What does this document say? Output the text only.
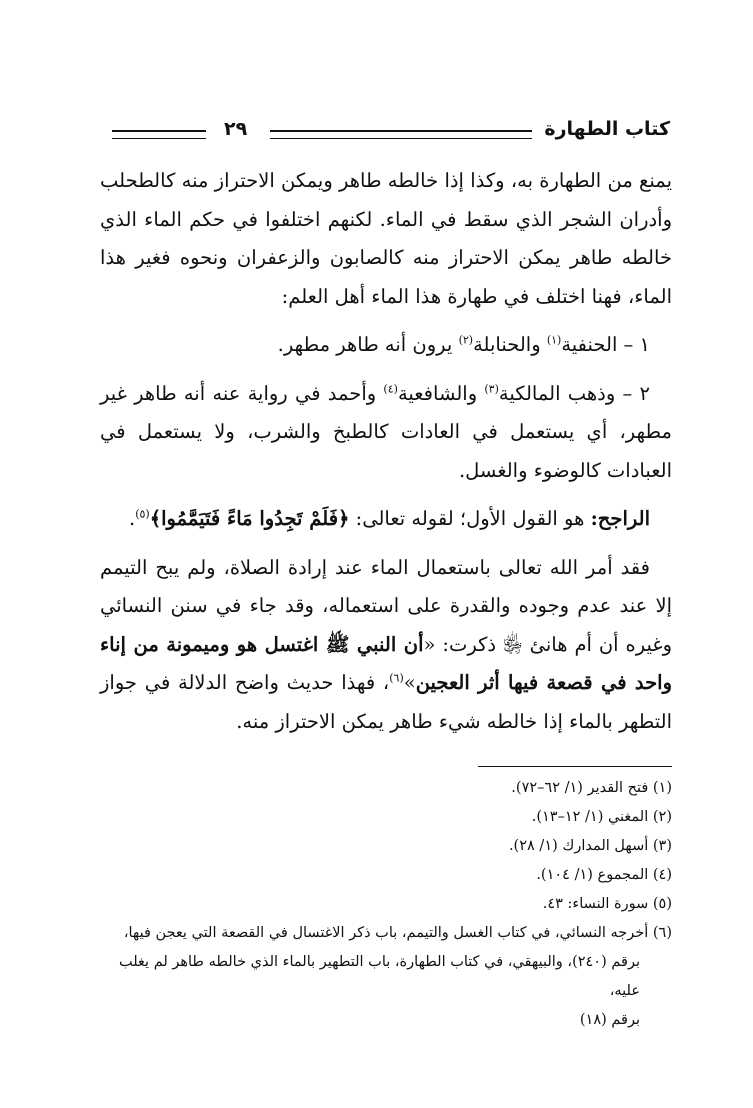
كتاب الطهارة
٢٩

يمنع من الطهارة به، وكذا إذا خالطه طاهر ويمكن الاحتراز منه كالطحلب وأدران الشجر الذي سقط في الماء. لكنهم اختلفوا في حكم الماء الذي خالطه طاهر يمكن الاحتراز منه كالصابون والزعفران ونحوه فغير هذا الماء، فهنا اختلف في طهارة هذا الماء أهل العلم:

١ – الحنفية$^{(١)}$ والحنابلة$^{(٢)}$ يرون أنه طاهر مطهر.

٢ – وذهب المالكية$^{(٣)}$ والشافعية$^{(٤)}$ وأحمد في رواية عنه أنه طاهر غير مطهر، أي يستعمل في العادات كالطبخ والشرب، ولا يستعمل في العبادات كالوضوء والغسل.

الراجح: هو القول الأول؛ لقوله تعالى: ﴿فَلَمْ تَجِدُوا مَاءً فَتَيَمَّمُوا﴾$^{(٥)}$.

فقد أمر الله تعالى باستعمال الماء عند إرادة الصلاة، ولم يبح التيمم إلا عند عدم وجوده والقدرة على استعماله، وقد جاء في سنن النسائي وغيره أن أم هانئ ﵂ ذكرت: «أن النبي ﷺ اغتسل هو وميمونة من إناء واحد في قصعة فيها أثر العجين»$^{(٦)}$، فهذا حديث واضح الدلالة في جواز التطهر بالماء إذا خالطه شيء طاهر يمكن الاحتراز منه.

(١) فتح القدير (١/ ٦٢–٧٢).

(٢) المغني (١/ ١٢–١٣).

(٣) أسهل المدارك (١/ ٢٨).

(٤) المجموع (١/ ١٠٤).

(٥) سورة النساء: ٤٣.

(٦) أخرجه النسائي، في كتاب الغسل والتيمم، باب ذكر الاغتسال في القصعة التي يعجن فيها،

برقم (٢٤٠)، والبيهقي، في كتاب الطهارة، باب التطهير بالماء الذي خالطه طاهر لم يغلب عليه،

برقم (١٨)
